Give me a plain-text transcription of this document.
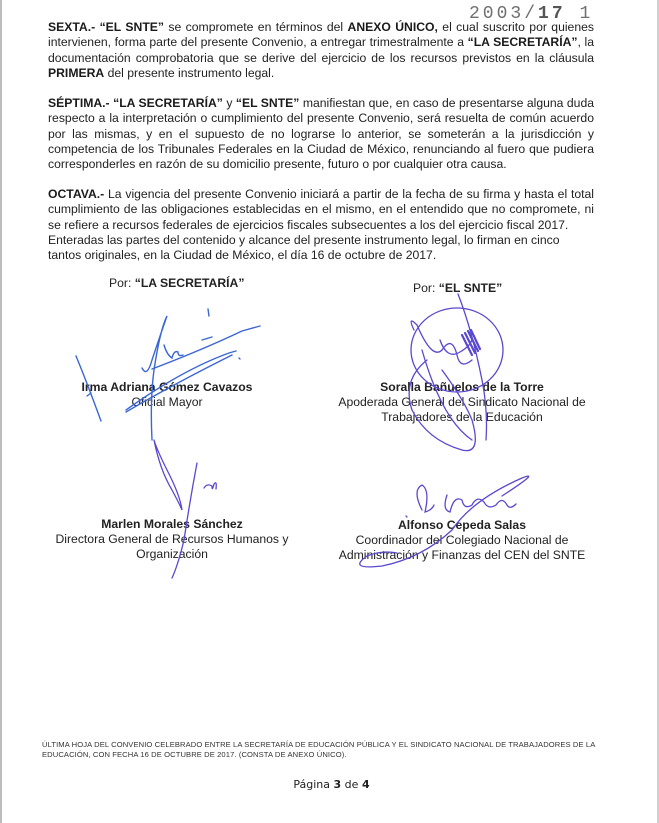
2003/17 1

SEXTA.- “EL SNTE” se compromete en términos del ANEXO ÚNICO, el cual suscrito por quienes intervienen, forma parte del presente Convenio, a entregar trimestralmente a “LA SECRETARÍA”, la documentación comprobatoria que se derive del ejercicio de los recursos previstos en la cláusula PRIMERA del presente instrumento legal.

SÉPTIMA.- “LA SECRETARÍA” y “EL SNTE” manifiestan que, en caso de presentarse alguna duda respecto a la interpretación o cumplimiento del presente Convenio, será resuelta de común acuerdo por las mismas, y en el supuesto de no lograrse lo anterior, se someterán a la jurisdicción y competencia de los Tribunales Federales en la Ciudad de México, renunciando al fuero que pudiera corresponderles en razón de su domicilio presente, futuro o por cualquier otra causa.

OCTAVA.- La vigencia del presente Convenio iniciará a partir de la fecha de su firma y hasta el total cumplimiento de las obligaciones establecidas en el mismo, en el entendido que no compromete, ni se refiere a recursos federales de ejercicios fiscales subsecuentes a los del ejercicio fiscal 2017.

Enteradas las partes del contenido y alcance del presente instrumento legal, lo firman en cinco tantos originales, en la Ciudad de México, el día 16 de octubre de 2017.

Por: “LA SECRETARÍA”	Por: “EL SNTE”
Irma Adriana Gómez Cavazos
Oficial Mayor
Soralla Bañuelos de la Torre
Apoderada General del Sindicato Nacional de
Trabajadores de la Educación
Marlen Morales Sánchez
Directora General de Recursos Humanos y
Organización
Alfonso Cepeda Salas
Coordinador del Colegiado Nacional de
Administración y Finanzas del CEN del SNTE
ÚLTIMA HOJA DEL CONVENIO CELEBRADO ENTRE LA SECRETARÍA DE EDUCACIÓN PÚBLICA Y EL SINDICATO NACIONAL DE TRABAJADORES DE LA EDUCACIÓN, CON FECHA 16 DE OCTUBRE DE 2017. (CONSTA DE ANEXO ÚNICO).
Página 3 de 4
